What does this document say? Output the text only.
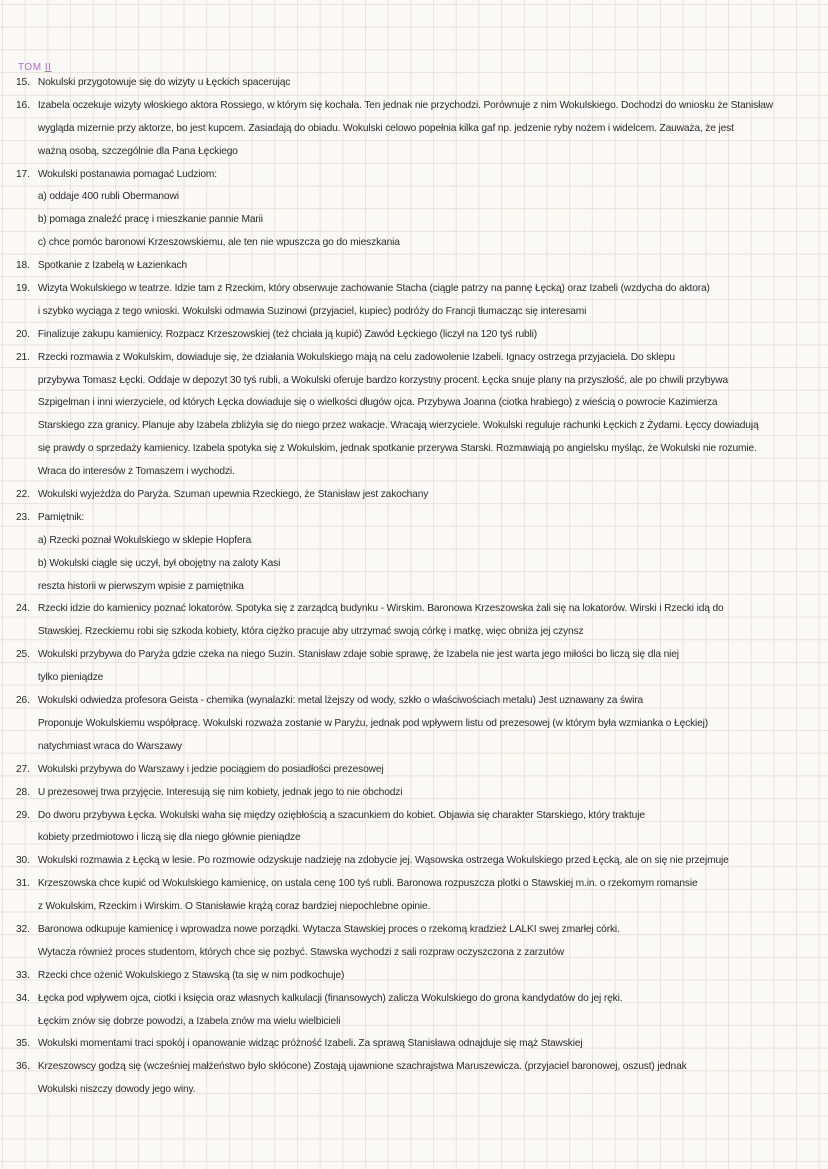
TOM II
15. Nokulski przygotowuje się do wizyty u Łęckich spacerując
16. Izabela oczekuje wizyty włoskiego aktora Rossiego, w którym się kochała. Ten jednak nie przychodzi. Porównuje z nim Wokulskiego. Dochodzi do wniosku że Stanisław
wygląda mizernie przy aktorze, bo jest kupcem. Zasiadają do obiadu. Wokulski celowo popełnia kilka gaf np. jedzenie ryby nożem i widelcem. Zauważa, że jest
ważną osobą, szczególnie dla Pana Łęckiego
17. Wokulski postanawia pomagać Ludziom:
a) oddaje 400 rubli Obermanowi
b) pomaga znaleźć pracę i mieszkanie pannie Marii
c) chce pomóc baronowi Krzeszowskiemu, ale ten nie wpuszcza go do mieszkania
18. Spotkanie z Izabelą w Łazienkach
19. Wizyta Wokulskiego w teatrze. Idzie tam z Rzeckim, który obserwuje zachowanie Stacha (ciągle patrzy na pannę Łęcką) oraz Izabeli (wzdycha do aktora)
i szybko wyciąga z tego wnioski. Wokulski odmawia Suzinowi (przyjaciel, kupiec) podróży do Francji tłumacząc się interesami
20. Finalizuje zakupu kamienicy. Rozpacz Krzeszowskiej (też chciała ją kupić) Zawód Łęckiego (liczył na 120 tyś rubli)
21. Rzecki rozmawia z Wokulskim, dowiaduje się, że działania Wokulskiego mają na celu zadowolenie Izabeli. Ignacy ostrzega przyjaciela. Do sklepu
przybywa Tomasz Łęcki. Oddaje w depozyt 30 tyś rubli, a Wokulski oferuje bardzo korzystny procent. Łęcka snuje plany na przyszłość, ale po chwili przybywa
Szpigelman i inni wierzyciele, od których Łęcka dowiaduje się o wielkości długów ojca. Przybywa Joanna (ciotka hrabiego) z wieścią o powrocie Kazimierza
Starskiego zza granicy. Planuje aby Izabela zbliżyła się do niego przez wakacje. Wracają wierzyciele. Wokulski reguluje rachunki Łęckich z Żydami. Łęccy dowiadują
się prawdy o sprzedaży kamienicy. Izabela spotyka się z Wokulskim, jednak spotkanie przerywa Starski. Rozmawiają po angielsku myśląc, że Wokulski nie rozumie.
Wraca do interesów z Tomaszem i wychodzi.
22. Wokulski wyjeżdża do Paryża. Szuman upewnia Rzeckiego, że Stanisław jest zakochany
23. Pamiętnik:
a) Rzecki poznał Wokulskiego w sklepie Hopfera
b) Wokulski ciągle się uczył, był obojętny na zaloty Kasi
reszta historii w pierwszym wpisie z pamiętnika
24. Rzecki idzie do kamienicy poznać lokatorów. Spotyka się z zarządcą budynku - Wirskim. Baronowa Krzeszowska żali się na lokatorów. Wirski i Rzecki idą do
Stawskiej. Rzeckiemu robi się szkoda kobiety, która ciężko pracuje aby utrzymać swoją córkę i matkę, więc obniża jej czynsz
25. Wokulski przybywa do Paryża gdzie czeka na niego Suzin. Stanisław zdaje sobie sprawę, że Izabela nie jest warta jego miłości bo liczą się dla niej
tylko pieniądze
26. Wokulski odwiedza profesora Geista - chemika (wynalazki: metal lżejszy od wody, szkło o właściwościach metalu) Jest uznawany za świra
Proponuje Wokulskiemu współpracę. Wokulski rozważa zostanie w Paryżu, jednak pod wpływem listu od prezesowej (w którym była wzmianka o Łęckiej)
natychmiast wraca do Warszawy
27. Wokulski przybywa do Warszawy i jedzie pociągiem do posiadłości prezesowej
28. U prezesowej trwa przyjęcie. Interesują się nim kobiety, jednak jego to nie obchodzi
29. Do dworu przybywa Łęcka. Wokulski waha się między oziębłością a szacunkiem do kobiet. Objawia się charakter Starskiego, który traktuje
kobiety przedmiotowo i liczą się dla niego głównie pieniądze
30. Wokulski rozmawia z Łęcką w lesie. Po rozmowie odzyskuje nadzieję na zdobycie jej. Wąsowska ostrzega Wokulskiego przed Łęcką, ale on się nie przejmuje
31. Krzeszowska chce kupić od Wokulskiego kamienicę, on ustala cenę 100 tyś rubli. Baronowa rozpuszcza plotki o Stawskiej m.in. o rzekomym romansie
z Wokulskim, Rzeckim i Wirskim. O Stanisławie krążą coraz bardziej niepochlebne opinie.
32. Baronowa odkupuje kamienicę i wprowadza nowe porządki. Wytacza Stawskiej proces o rzekomą kradzież LALKI swej zmarłej córki.
Wytacza również proces studentom, których chce się pozbyć. Stawska wychodzi z sali rozpraw oczyszczona z zarzutów
33. Rzecki chce ożenić Wokulskiego z Stawską (ta się w nim podkochuje)
34. Łęcka pod wpływem ojca, ciotki i księcia oraz własnych kalkulacji (finansowych) zalicza Wokulskiego do grona kandydatów do jej ręki.
Łęckim znów się dobrze powodzi, a Izabela znów ma wielu wielbicieli
35. Wokulski momentami traci spokój i opanowanie widząc próżność Izabeli. Za sprawą Stanisława odnajduje się mąż Stawskiej
36. Krzeszowscy godzą się (wcześniej małżeństwo było skłócone) Zostają ujawnione szachrajstwa Maruszewicza. (przyjaciel baronowej, oszust) jednak
Wokulski niszczy dowody jego winy.
